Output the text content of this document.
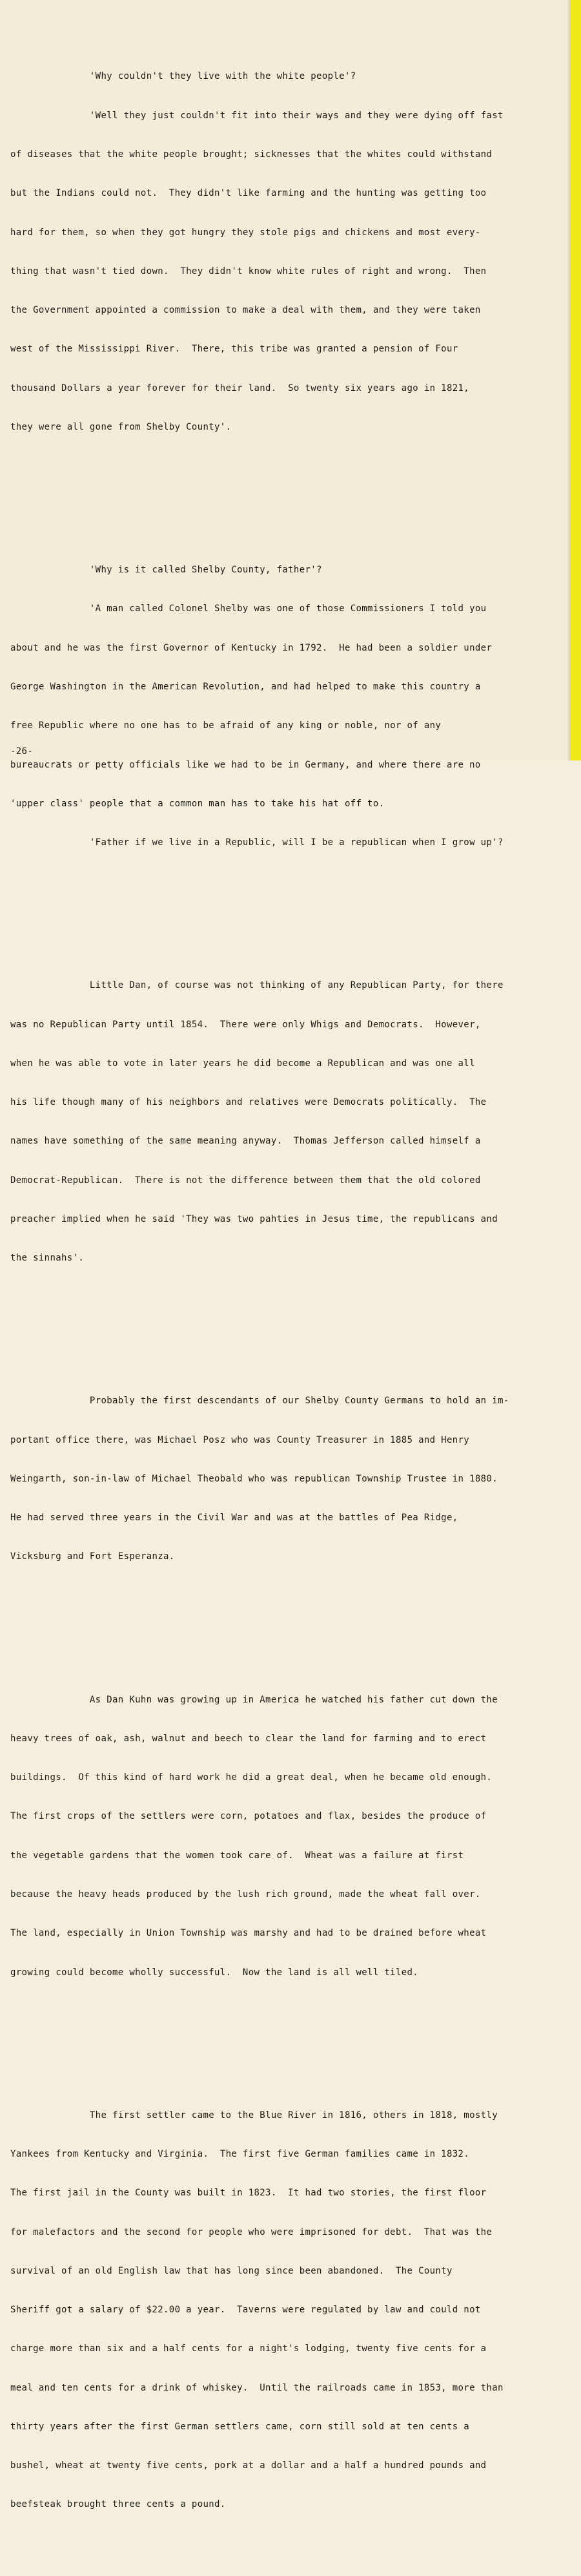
'Why couldn't they live with the white people'?

'Well they just couldn't fit into their ways and they were dying off fast

of diseases that the white people brought; sicknesses that the whites could withstand

but the Indians could not.  They didn't like farming and the hunting was getting too

hard for them, so when they got hungry they stole pigs and chickens and most every-

thing that wasn't tied down.  They didn't know white rules of right and wrong.  Then

the Government appointed a commission to make a deal with them, and they were taken

west of the Mississippi River.  There, this tribe was granted a pension of Four

thousand Dollars a year forever for their land.  So twenty six years ago in 1821,

they were all gone from Shelby County'.

'Why is it called Shelby County, father'?

'A man called Colonel Shelby was one of those Commissioners I told you

about and he was the first Governor of Kentucky in 1792.  He had been a soldier under

George Washington in the American Revolution, and had helped to make this country a

free Republic where no one has to be afraid of any king or noble, nor of any

bureaucrats or petty officials like we had to be in Germany, and where there are no

'upper class' people that a common man has to take his hat off to.

'Father if we live in a Republic, will I be a republican when I grow up'?

Little Dan, of course was not thinking of any Republican Party, for there

was no Republican Party until 1854.  There were only Whigs and Democrats.  However,

when he was able to vote in later years he did become a Republican and was one all

his life though many of his neighbors and relatives were Democrats politically.  The

names have something of the same meaning anyway.  Thomas Jefferson called himself a

Democrat-Republican.  There is not the difference between them that the old colored

preacher implied when he said 'They was two pahties in Jesus time, the republicans and

the sinnahs'.

Probably the first descendants of our Shelby County Germans to hold an im-

portant office there, was Michael Posz who was County Treasurer in 1885 and Henry

Weingarth, son-in-law of Michael Theobald who was republican Township Trustee in 1880.

He had served three years in the Civil War and was at the battles of Pea Ridge,

Vicksburg and Fort Esperanza.

As Dan Kuhn was growing up in America he watched his father cut down the

heavy trees of oak, ash, walnut and beech to clear the land for farming and to erect

buildings.  Of this kind of hard work he did a great deal, when he became old enough.

The first crops of the settlers were corn, potatoes and flax, besides the produce of

the vegetable gardens that the women took care of.  Wheat was a failure at first

because the heavy heads produced by the lush rich ground, made the wheat fall over.

The land, especially in Union Township was marshy and had to be drained before wheat

growing could become wholly successful.  Now the land is all well tiled.

The first settler came to the Blue River in 1816, others in 1818, mostly

Yankees from Kentucky and Virginia.  The first five German families came in 1832.

The first jail in the County was built in 1823.  It had two stories, the first floor

for malefactors and the second for people who were imprisoned for debt.  That was the

survival of an old English law that has long since been abandoned.  The County

Sheriff got a salary of $22.00 a year.  Taverns were regulated by law and could not

charge more than six and a half cents for a night's lodging, twenty five cents for a

meal and ten cents for a drink of whiskey.  Until the railroads came in 1853, more than

thirty years after the first German settlers came, corn still sold at ten cents a

bushel, wheat at twenty five cents, pork at a dollar and a half a hundred pounds and

beefsteak brought three cents a pound.

-26-
